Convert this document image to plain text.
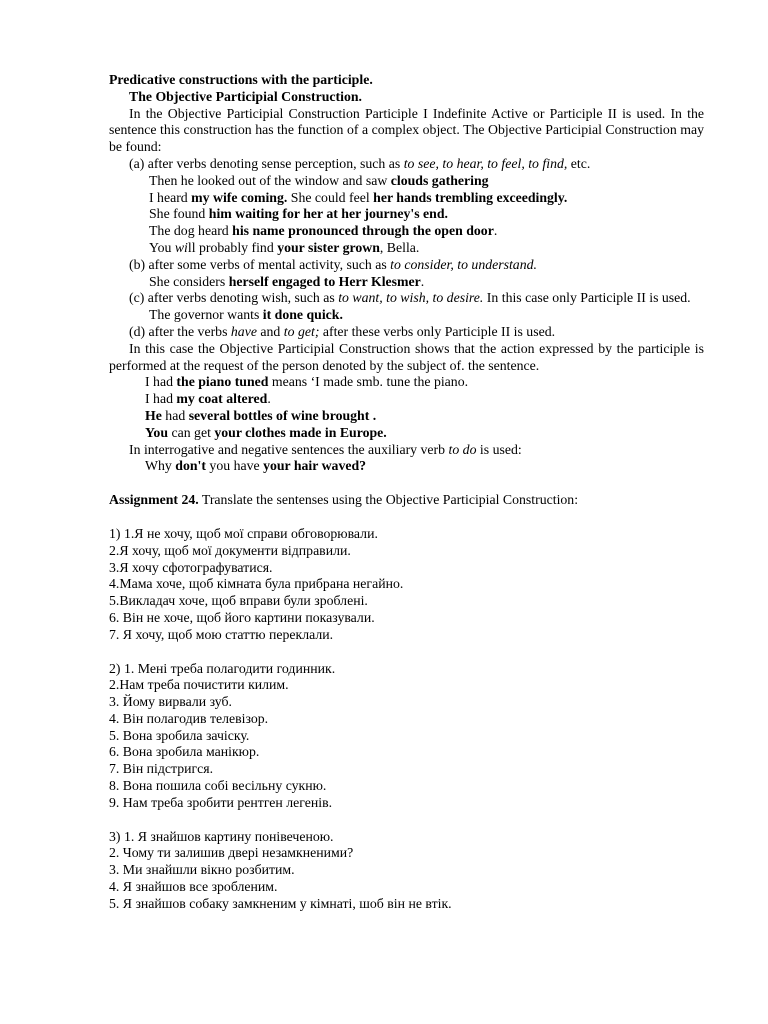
Predicative constructions with the participle.

The Objective Participial Construction.

In the Objective Participial Construction Participle I Indefinite Active or Participle II is used. In the sentence this construction has the function of a complex object. The Objective Participial Construction may be found:

(a) after verbs denoting sense perception, such as to see, to hear, to feel, to find, etc.

Then he looked out of the window and saw clouds gathering

I heard my wife coming. She could feel her hands trembling exceedingly.

She found him waiting for her at her journey's end.

The dog heard his name pronounced through the open door.

You will probably find your sister grown, Bella.

(b) after some verbs of mental activity, such as to consider, to understand.

She considers herself engaged to Herr Klesmer.

(c) after verbs denoting wish, such as to want, to wish, to desire. In this case only Participle II is used.

The governor wants it done quick.

(d) after the verbs have and to get; after these verbs only Participle II is used.

In this case the Objective Participial Construction shows that the action expressed by the participle is performed at the request of the person denoted by the subject of. the sentence.

I had the piano tuned means ‘I made smb. tune the piano.

I had my coat altered.

He had several bottles of wine brought .

You can get your clothes made in Europe.

In interrogative and negative sentences the auxiliary verb to do is used:

Why don't you have your hair waved?

Assignment 24. Translate the sentenses using the Objective Participial Construction:

1) 1.Я не хочу, щоб мої справи обговорювали.

2.Я хочу, щоб мої документи відправили.

3.Я хочу сфотографуватися.

4.Мама хоче, щоб кімната була прибрана негайно.

5.Викладач хоче, щоб вправи були зроблені.

6. Він не хоче, щоб його картини показували.

7. Я хочу, щоб мою статтю переклали.

2) 1. Мені треба полагодити годинник.

2.Нам треба почистити килим.

3. Йому вирвали зуб.

4. Він полагодив телевізор.

5. Вона зробила зачіску.

6. Вона зробила манікюр.

7. Він підстригся.

8. Вона пошила собі весільну сукню.

9. Нам треба зробити рентген легенів.

3) 1. Я знайшов картину понівеченою.

2. Чому ти залишив двері незамкненими?

3. Ми знайшли вікно розбитим.

4. Я знайшов все зробленим.

5. Я знайшов собаку замкненим у кімнаті, шоб він не втік.
